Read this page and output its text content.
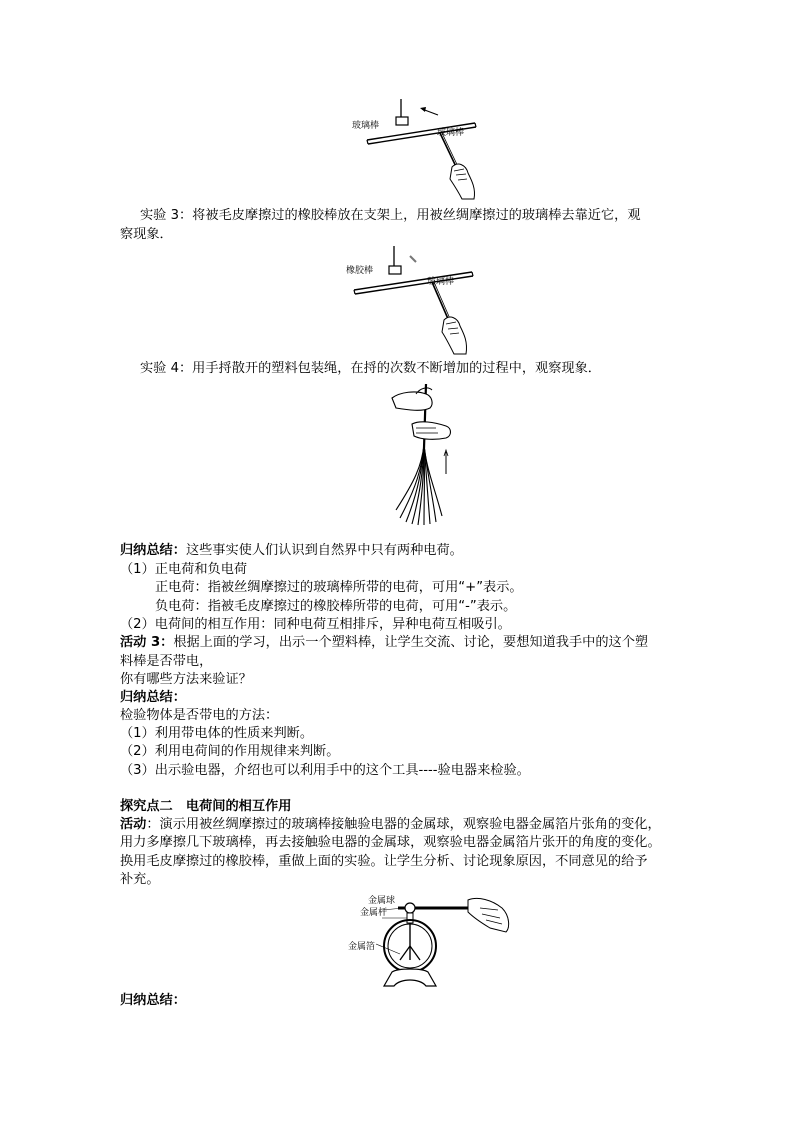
玻璃棒
玻璃棒
实验 3：将被毛皮摩擦过的橡胶棒放在支架上，用被丝绸摩擦过的玻璃棒去靠近它，观
察现象．
橡胶棒
玻璃棒
实验 4：用手捋散开的塑料包装绳，在捋的次数不断增加的过程中，观察现象．
归纳总结：这些事实使人们认识到自然界中只有两种电荷。
（1）正电荷和负电荷
正电荷：指被丝绸摩擦过的玻璃棒所带的电荷，可用“+”表示。
负电荷：指被毛皮摩擦过的橡胶棒所带的电荷，可用“-”表示。
（2）电荷间的相互作用：同种电荷互相排斥，异种电荷互相吸引。
活动 3：根据上面的学习，出示一个塑料棒，让学生交流、讨论，要想知道我手中的这个塑
料棒是否带电，
你有哪些方法来验证？
归纳总结：
检验物体是否带电的方法：
（1）利用带电体的性质来判断。
（2）利用电荷间的作用规律来判断。
（3）出示验电器，介绍也可以利用手中的这个工具----验电器来检验。
探究点二　电荷间的相互作用
活动：演示用被丝绸摩擦过的玻璃棒接触验电器的金属球，观察验电器金属箔片张角的变化，
用力多摩擦几下玻璃棒，再去接触验电器的金属球，观察验电器金属箔片张开的角度的变化。
换用毛皮摩擦过的橡胶棒，重做上面的实验。让学生分析、讨论现象原因，不同意见的给予
补充。
金属球
金属杆
金属箔
归纳总结：
